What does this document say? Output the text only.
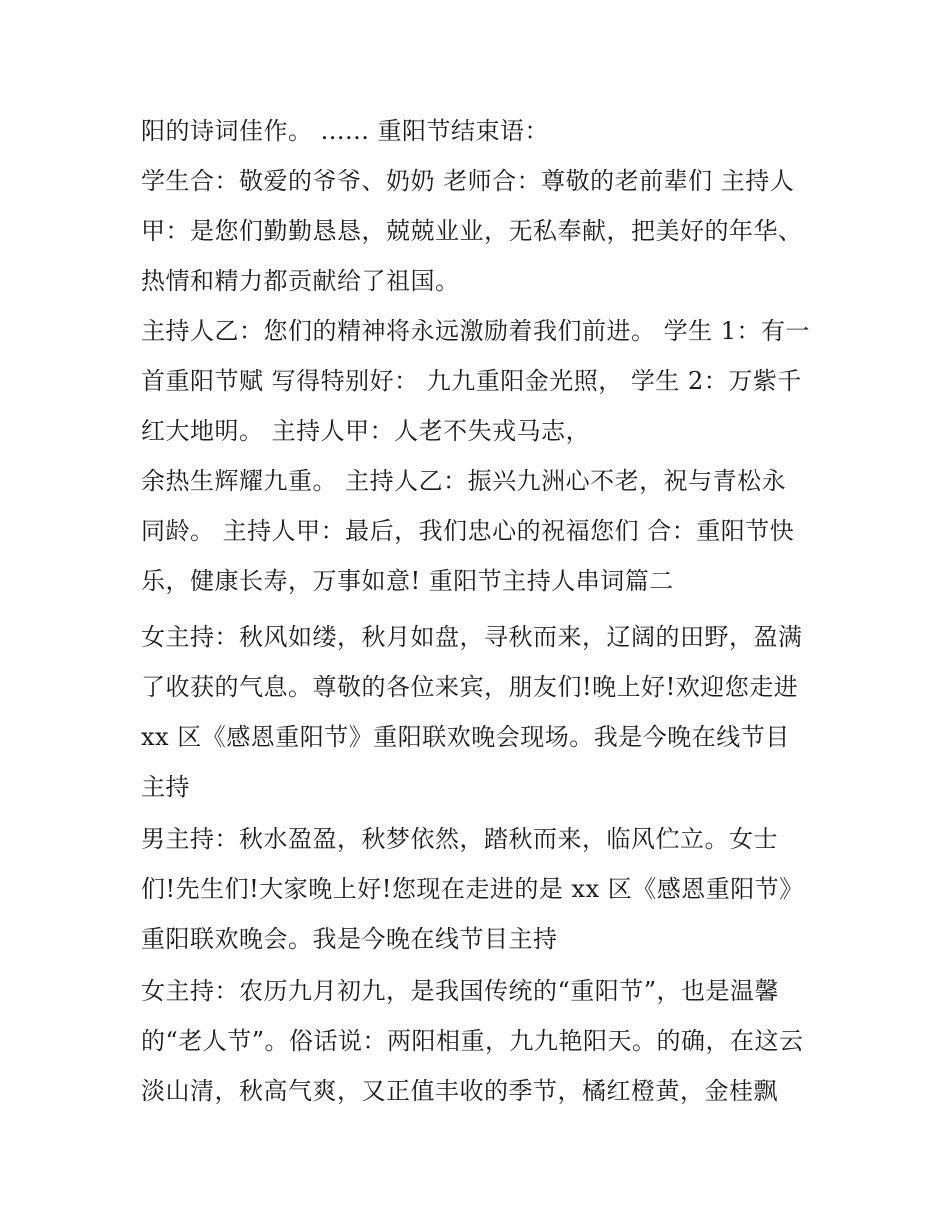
阳的诗词佳作。 ...... 重阳节结束语：
学生合：敬爱的爷爷、奶奶 老师合：尊敬的老前辈们 主持人
甲：是您们勤勤恳恳，兢兢业业，无私奉献，把美好的年华、
热情和精力都贡献给了祖国。
主持人乙：您们的精神将永远激励着我们前进。 学生 1：有一
首重阳节赋 写得特别好： 九九重阳金光照， 学生 2：万紫千
红大地明。 主持人甲：人老不失戎马志，
余热生辉耀九重。 主持人乙：振兴九洲心不老，祝与青松永
同龄。 主持人甲：最后，我们忠心的祝福您们 合：重阳节快
乐，健康长寿，万事如意! 重阳节主持人串词篇二
女主持：秋风如缕，秋月如盘，寻秋而来，辽阔的田野，盈满
了收获的气息。尊敬的各位来宾，朋友们!晚上好!欢迎您走进
xx 区《感恩重阳节》重阳联欢晚会现场。我是今晚在线节目
主持
男主持：秋水盈盈，秋梦依然，踏秋而来，临风伫立。女士
们!先生们!大家晚上好!您现在走进的是 xx 区《感恩重阳节》
重阳联欢晚会。我是今晚在线节目主持
女主持：农历九月初九，是我国传统的“重阳节”，也是温馨
的“老人节”。俗话说：两阳相重，九九艳阳天。的确，在这云
淡山清，秋高气爽，又正值丰收的季节，橘红橙黄，金桂飘
